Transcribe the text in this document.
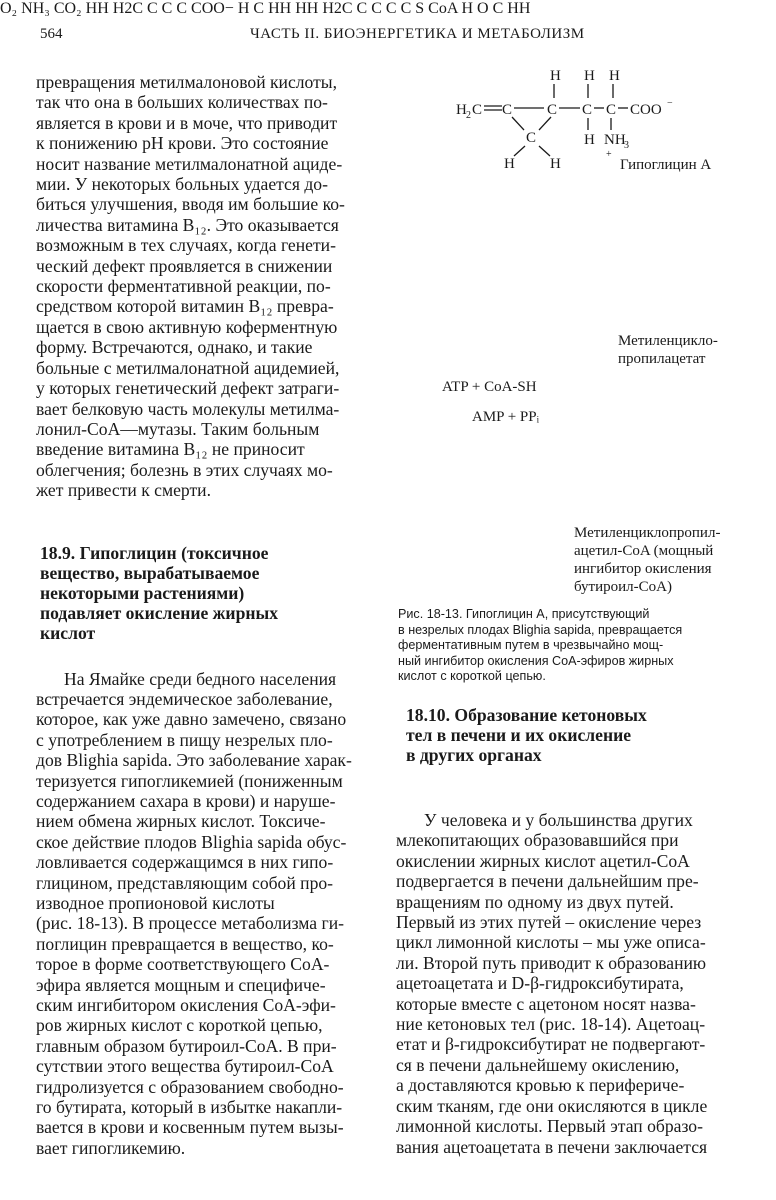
564	ЧАСТЬ II. БИОЭНЕРГЕТИКА И МЕТАБОЛИЗМ
превращения метилмалоновой кислоты,
так что она в больших количествах по-
является в крови и в моче, что приводит
к понижению pH крови. Это состояние
носит название метилмалонатной ациде-
мии. У некоторых больных удается до-
биться улучшения, вводя им большие ко-
личества витамина B₁₂. Это оказывается
возможным в тех случаях, когда генети-
ческий дефект проявляется в снижении
скорости ферментативной реакции, по-
средством которой витамин B₁₂ превра-
щается в свою активную коферментную
форму. Встречаются, однако, и такие
больные с метилмалонатной ацидемией,
у которых генетический дефект затраги-
вает белковую часть молекулы метилма-
лонил-CoA—мутазы. Таким больным
введение витамина B₁₂ не приносит
облегчения; болезнь в этих случаях мо-
жет привести к смерти.
18.9. Гипоглицин (токсичное
вещество, вырабатываемое
некоторыми растениями)
подавляет окисление жирных
кислот
На Ямайке среди бедного населения
встречается эндемическое заболевание,
которое, как уже давно замечено, связано
с употреблением в пищу незрелых пло-
дов Blighia sapida. Это заболевание харак-
теризуется гипогликемией (пониженным
содержанием сахара в крови) и наруше-
нием обмена жирных кислот. Токсиче-
ское действие плодов Blighia sapida обус-
ловливается содержащимся в них гипо-
глицином, представляющим собой про-
изводное пропионовой кислоты
(рис. 18-13). В процессе метаболизма ги-
поглицин превращается в вещество, ко-
торое в форме соответствующего CoA-
эфира является мощным и специфиче-
ским ингибитором окисления CoA-эфи-
ров жирных кислот с короткой цепью,
главным образом бутироил-CoA. В при-
сутствии этого вещества бутироил-CoA
гидролизуется с образованием свободно-
го бутирата, который в избытке накапли-
вается в крови и косвенным путем вызы-
вает гипогликемию.
H H H
H 2 C C C C C COO −
C
H H
H NH
3
+
O₂ NH₃ CO₂ HH H2C C C C COO− H C HH HH H2C C C C C S CoA H O C HH
Гипоглицин A
Метиленцикло-
пропилацетат
ATP + CoA-SH
AMP + PPᵢ
Метиленциклопропил-
ацетил-CoA (мощный
ингибитор окисления
бутироил-CoA)
Рис. 18-13. Гипоглицин A, присутствующий
в незрелых плодах Blighia sapida, превращается
ферментативным путем в чрезвычайно мощ-
ный ингибитор окисления CoA-эфиров жирных
кислот с короткой цепью.
18.10. Образование кетоновых
тел в печени и их окисление
в других органах
У человека и у большинства других
млекопитающих образовавшийся при
окислении жирных кислот ацетил-CoA
подвергается в печени дальнейшим пре-
вращениям по одному из двух путей.
Первый из этих путей – окисление через
цикл лимонной кислоты – мы уже описа-
ли. Второй путь приводит к образованию
ацетоацетата и D-β-гидроксибутирата,
которые вместе с ацетоном носят назва-
ние кетоновых тел (рис. 18-14). Ацетоац-
етат и β-гидроксибутират не подвергают-
ся в печени дальнейшему окислению,
а доставляются кровью к перифериче-
ским тканям, где они окисляются в цикле
лимонной кислоты. Первый этап образо-
вания ацетоацетата в печени заключается
